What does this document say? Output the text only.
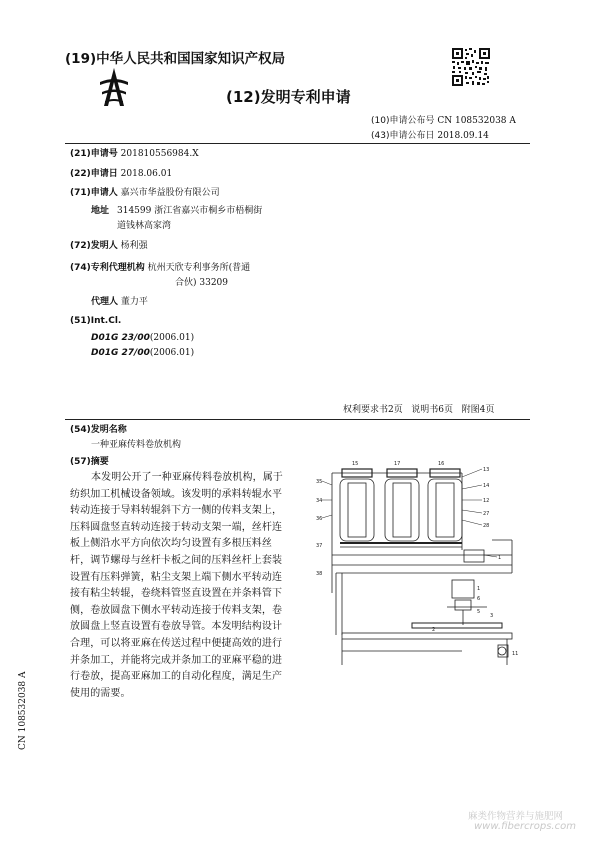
(19)中华人民共和国国家知识产权局
(12)发明专利申请
(10)申请公布号 CN 108532038 A
(43)申请公布日 2018.09.14
(21)申请号 201810556984.X
(22)申请日 2018.06.01
(71)申请人 嘉兴市华益股份有限公司
地址 314599 浙江省嘉兴市桐乡市梧桐街
道钱林高家湾
(72)发明人 杨利强
(74)专利代理机构 杭州天欣专利事务所(普通
合伙) 33209
代理人 董力平
(51)Int.Cl.
D01G 23/00(2006.01)
D01G 27/00(2006.01)
权利要求书2页   说明书6页   附图4页
(54)发明名称
一种亚麻传料卷放机构
(57)摘要
本发明公开了一种亚麻传料卷放机构，属于
纺织加工机械设备领域。该发明的承料转辊水平
转动连接于导料转辊斜下方一侧的传料支架上，
压料圆盘竖直转动连接于转动支架一端，丝杆连
板上侧沿水平方向依次均匀设置有多根压料丝
杆，调节螺母与丝杆卡板之间的压料丝杆上套装
设置有压料弹簧，粘尘支架上端下侧水平转动连
接有粘尘转辊，卷绕料管竖直设置在并条料管下
侧，卷放圆盘下侧水平转动连接于传料支架，卷
放圆盘上竖直设置有卷放导管。本发明结构设计
合理，可以将亚麻在传送过程中便捷高效的进行
并条加工，并能将完成并条加工的亚麻平稳的进
行卷放，提高亚麻加工的自动化程度，满足生产
使用的需要。
CN 108532038 A
15	17	16
13
14
12
27
28
1
35
34
36
37
38
1
6
5
3
11
2
麻类作物营养与施肥网
www.fibercrops.com
